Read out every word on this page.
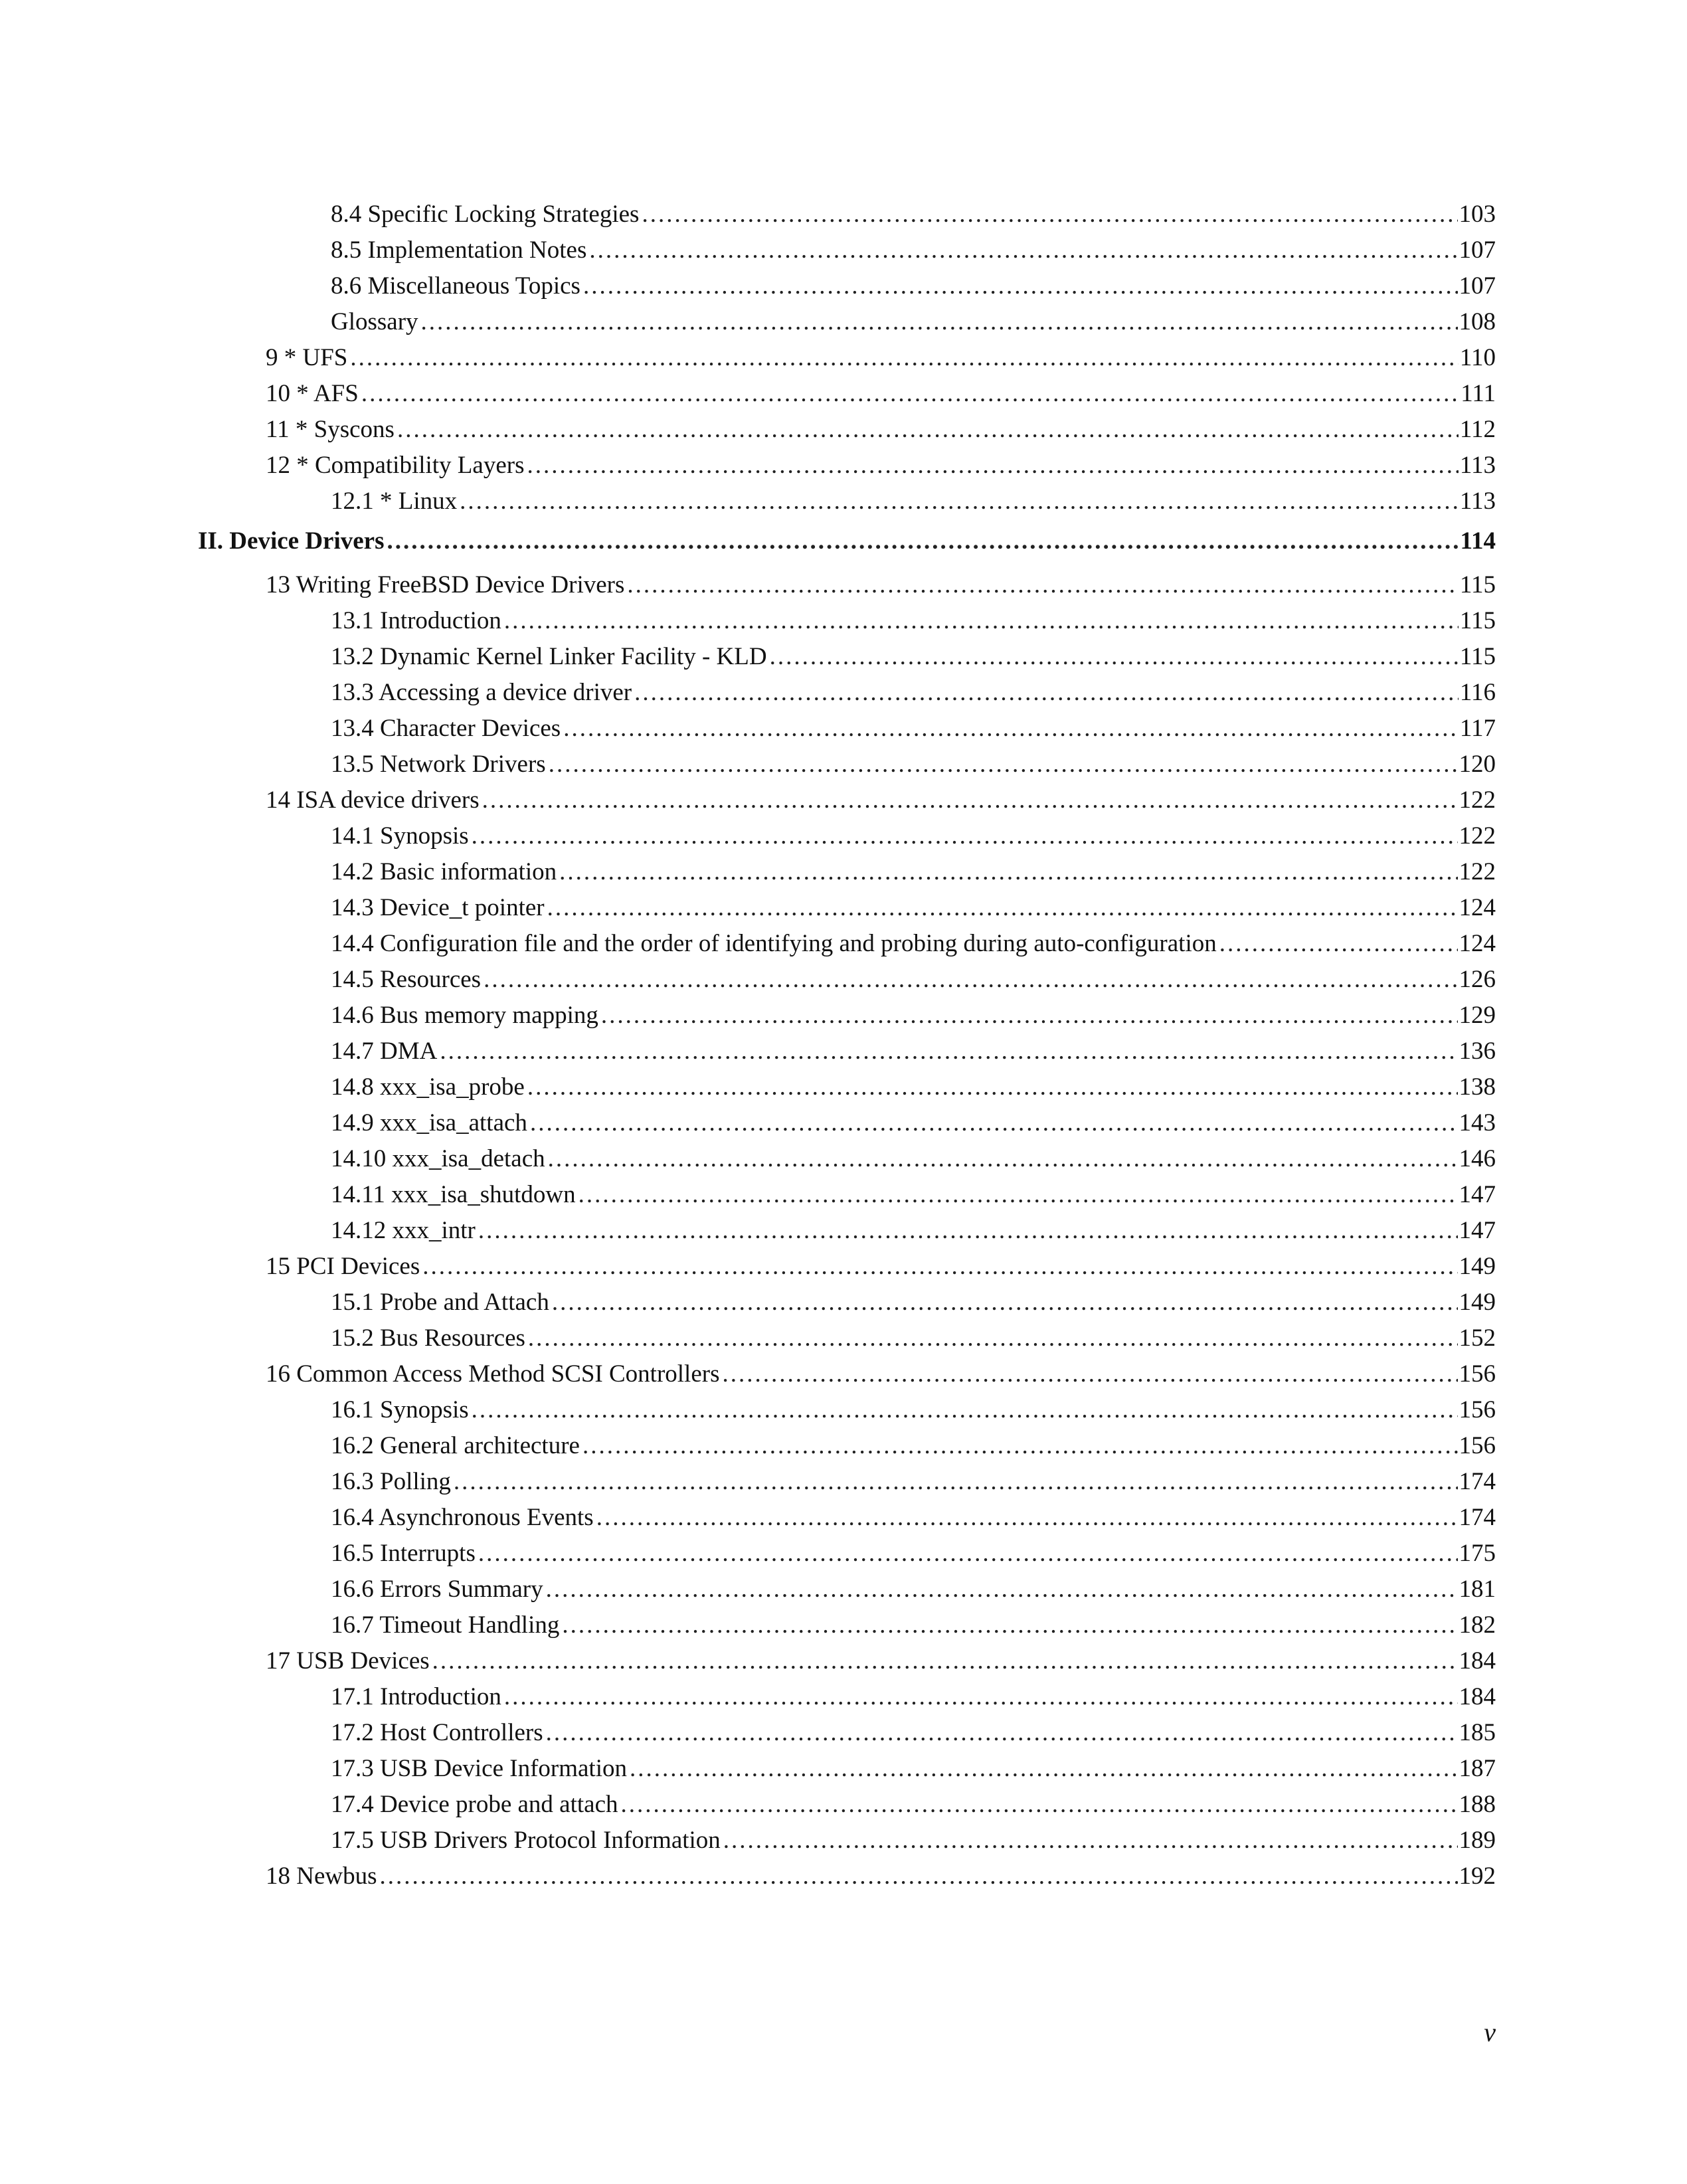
8.4 Specific Locking Strategies .....	103
8.5 Implementation Notes .....	107
8.6 Miscellaneous Topics .....	107
Glossary .....	108
9 * UFS .....	110
10 * AFS .....	111
11 * Syscons .....	112
12 * Compatibility Layers .....	113
12.1 * Linux .....	113
II. Device Drivers .....	114
13 Writing FreeBSD Device Drivers .....	115
13.1 Introduction .....	115
13.2 Dynamic Kernel Linker Facility - KLD .....	115
13.3 Accessing a device driver .....	116
13.4 Character Devices .....	117
13.5 Network Drivers .....	120
14 ISA device drivers .....	122
14.1 Synopsis .....	122
14.2 Basic information .....	122
14.3 Device_t pointer .....	124
14.4 Configuration file and the order of identifying and probing during auto-configuration .....	124
14.5 Resources .....	126
14.6 Bus memory mapping .....	129
14.7 DMA .....	136
14.8 xxx_isa_probe .....	138
14.9 xxx_isa_attach .....	143
14.10 xxx_isa_detach .....	146
14.11 xxx_isa_shutdown .....	147
14.12 xxx_intr .....	147
15 PCI Devices .....	149
15.1 Probe and Attach .....	149
15.2 Bus Resources .....	152
16 Common Access Method SCSI Controllers .....	156
16.1 Synopsis .....	156
16.2 General architecture .....	156
16.3 Polling .....	174
16.4 Asynchronous Events .....	174
16.5 Interrupts .....	175
16.6 Errors Summary .....	181
16.7 Timeout Handling .....	182
17 USB Devices .....	184
17.1 Introduction .....	184
17.2 Host Controllers .....	185
17.3 USB Device Information .....	187
17.4 Device probe and attach .....	188
17.5 USB Drivers Protocol Information .....	189
18 Newbus .....	192
v
